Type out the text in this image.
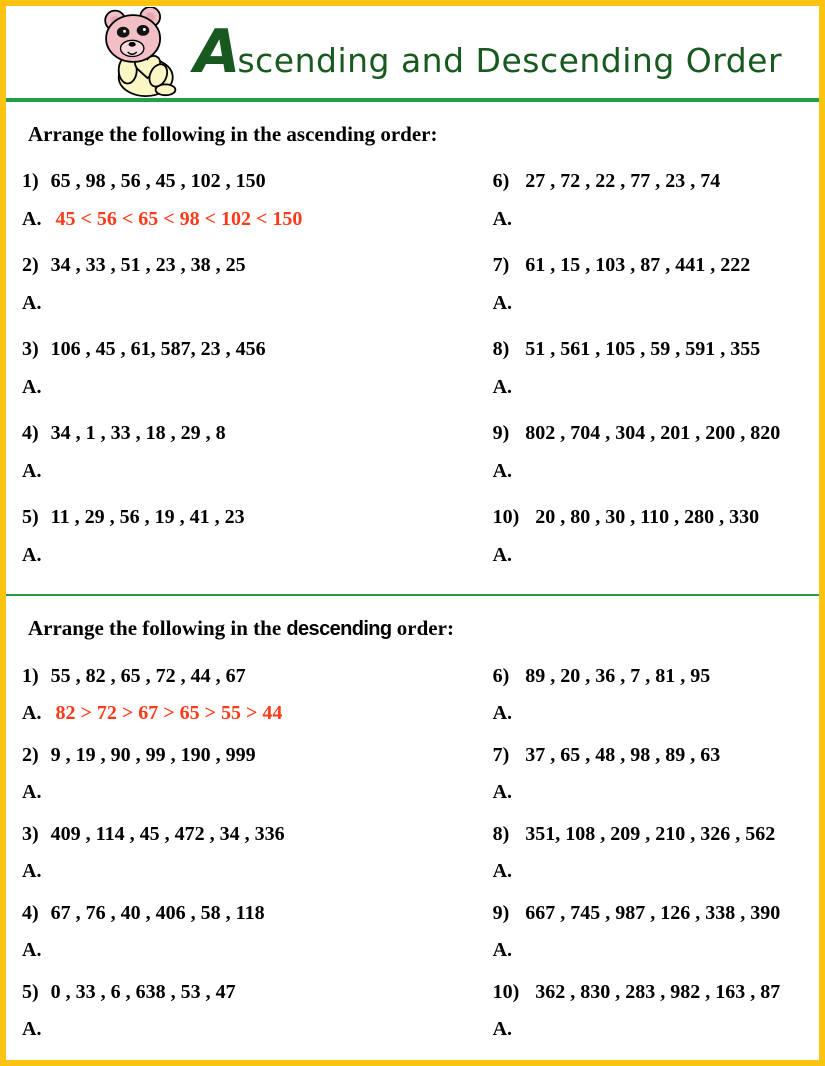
Ascending and Descending Order
Arrange the following in the ascending order:
1) 65 , 98 , 56 , 45 , 102 , 150
A. 45 < 56 < 65 < 98 < 102 < 150
2) 34 , 33 , 51 , 23 , 38 , 25
A.
3) 106 , 45 , 61, 587, 23 , 456
A.
4) 34 , 1 , 33 , 18 , 29 , 8
A.
5) 11 , 29 , 56 , 19 , 41 , 23
A.
6) 27 , 72 , 22 , 77 , 23 , 74
A.
7) 61 , 15 , 103 , 87 , 441 , 222
A.
8) 51 , 561 , 105 , 59 , 591 , 355
A.
9) 802 , 704 , 304 , 201 , 200 , 820
A.
10) 20 , 80 , 30 , 110 , 280 , 330
A.
Arrange the following in the descending order:
1) 55 , 82 , 65 , 72 , 44 , 67
A. 82 > 72 > 67 > 65 > 55 > 44
2) 9 , 19 , 90 , 99 , 190 , 999
A.
3) 409 , 114 , 45 , 472 , 34 , 336
A.
4) 67 , 76 , 40 , 406 , 58 , 118
A.
5) 0 , 33 , 6 , 638 , 53 , 47
A.
6) 89 , 20 , 36 , 7 , 81 , 95
A.
7) 37 , 65 , 48 , 98 , 89 , 63
A.
8) 351, 108 , 209 , 210 , 326 , 562
A.
9) 667 , 745 , 987 , 126 , 338 , 390
A.
10) 362 , 830 , 283 , 982 , 163 , 87
A.
